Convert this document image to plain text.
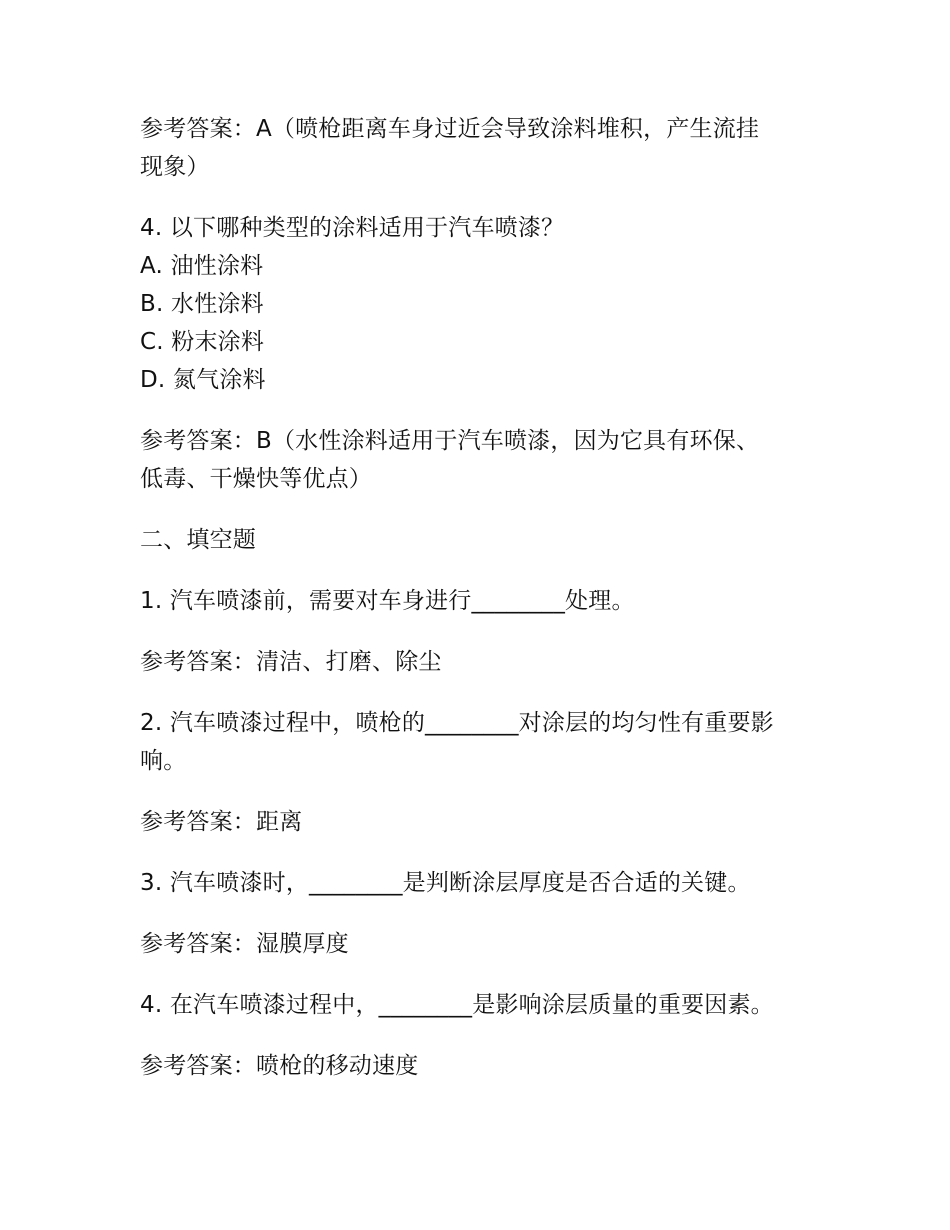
参考答案：A（喷枪距离车身过近会导致涂料堆积，产生流挂
现象）

4. 以下哪种类型的涂料适用于汽车喷漆？
A. 油性涂料
B. 水性涂料
C. 粉末涂料
D. 氮气涂料

参考答案：B（水性涂料适用于汽车喷漆，因为它具有环保、
低毒、干燥快等优点）

二、填空题

1. 汽车喷漆前，需要对车身进行________处理。

参考答案：清洁、打磨、除尘

2. 汽车喷漆过程中，喷枪的________对涂层的均匀性有重要影
响。

参考答案：距离

3. 汽车喷漆时，________是判断涂层厚度是否合适的关键。

参考答案：湿膜厚度

4. 在汽车喷漆过程中，________是影响涂层质量的重要因素。

参考答案：喷枪的移动速度
